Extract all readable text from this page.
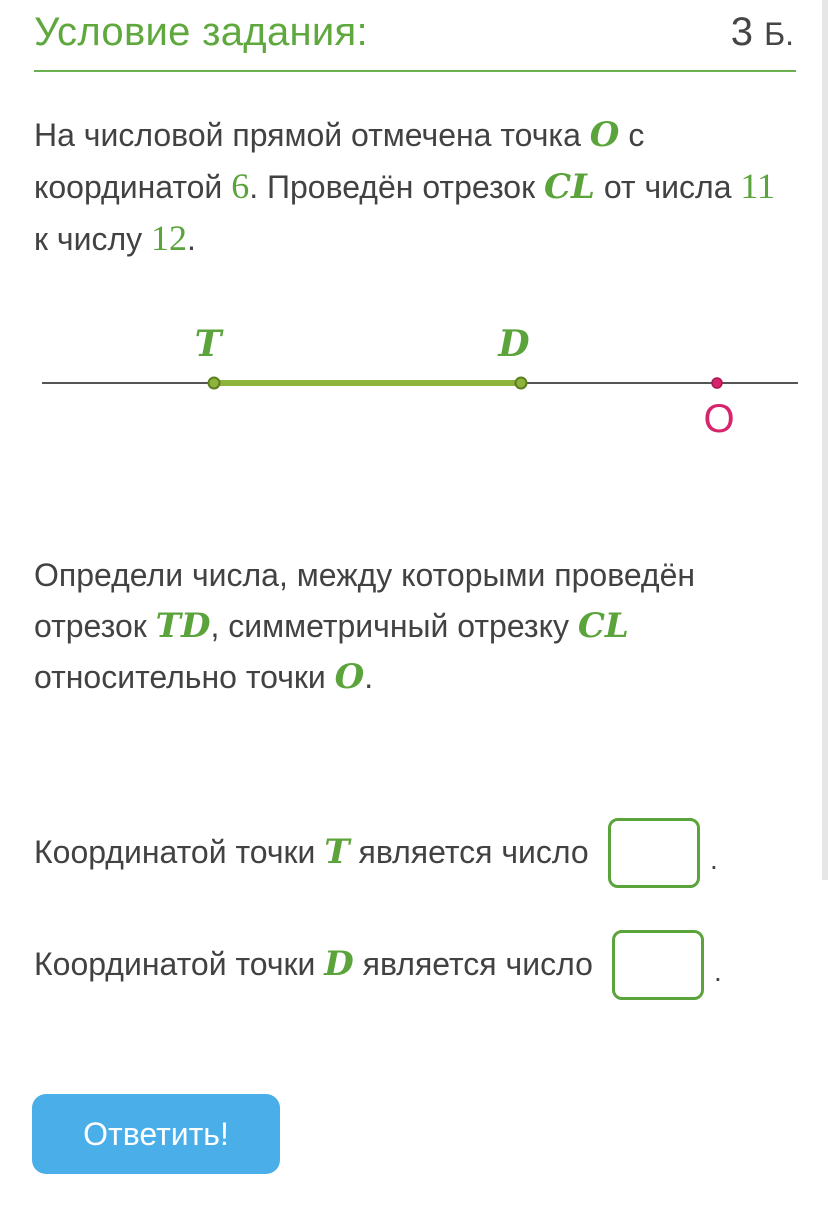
Условие задания:	3 Б.
На числовой прямой отмечена точка O с координатой 6. Проведён отрезок CL от числа 11 к числу 12.
T	D
O
Определи числа, между которыми проведён отрезок TD, симметричный отрезку CL относительно точки O.
Координатой точки T является число	.
Координатой точки D является число	.
Ответить!
